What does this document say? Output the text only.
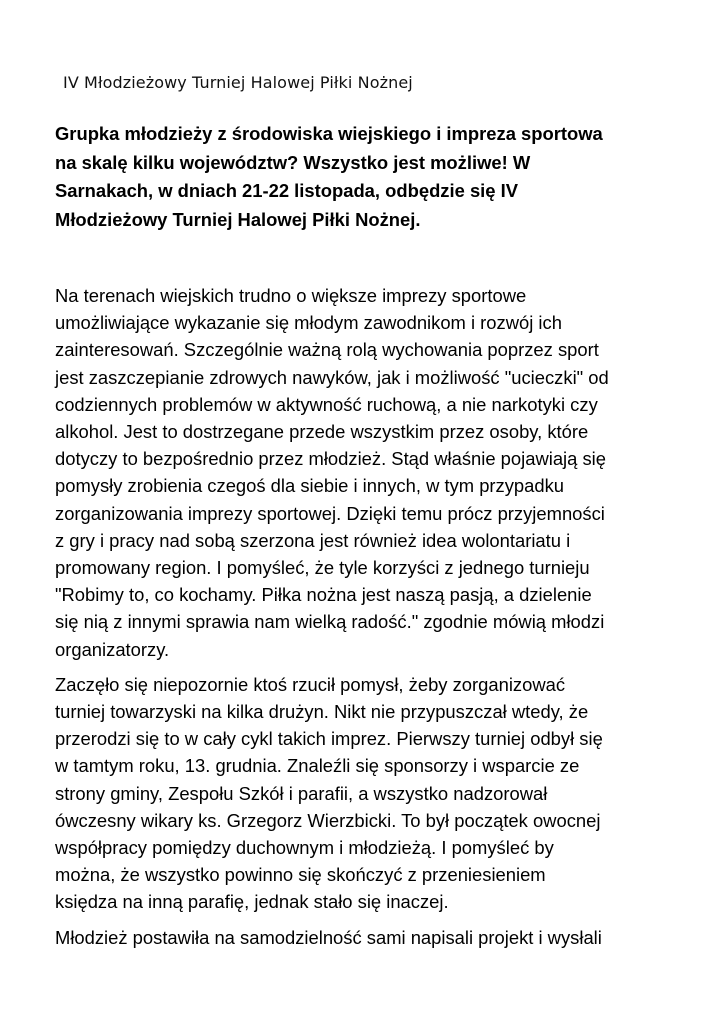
IV Młodzieżowy Turniej Halowej Piłki Nożnej
Grupka młodzieży z środowiska wiejskiego i impreza sportowa
na skalę kilku województw? Wszystko jest możliwe! W
Sarnakach, w dniach 21-22 listopada, odbędzie się IV
Młodzieżowy Turniej Halowej Piłki Nożnej.

Na terenach wiejskich trudno o większe imprezy sportowe
umożliwiające wykazanie się młodym zawodnikom i rozwój ich
zainteresowań. Szczególnie ważną rolą wychowania poprzez sport
jest zaszczepianie zdrowych nawyków, jak i możliwość "ucieczki" od
codziennych problemów w aktywność ruchową, a nie narkotyki czy
alkohol. Jest to dostrzegane przede wszystkim przez osoby, które
dotyczy to bezpośrednio przez młodzież. Stąd właśnie pojawiają się
pomysły zrobienia czegoś dla siebie i innych, w tym przypadku
zorganizowania imprezy sportowej. Dzięki temu prócz przyjemności
z gry i pracy nad sobą szerzona jest również idea wolontariatu i
promowany region. I pomyśleć, że tyle korzyści z jednego turnieju
"Robimy to, co kochamy. Piłka nożna jest naszą pasją, a dzielenie
się nią z innymi sprawia nam wielką radość." zgodnie mówią młodzi
organizatorzy.

Zaczęło się niepozornie ktoś rzucił pomysł, żeby zorganizować
turniej towarzyski na kilka drużyn. Nikt nie przypuszczał wtedy, że
przerodzi się to w cały cykl takich imprez. Pierwszy turniej odbył się
w tamtym roku, 13. grudnia. Znaleźli się sponsorzy i wsparcie ze
strony gminy, Zespołu Szkół i parafii, a wszystko nadzorował
ówczesny wikary ks. Grzegorz Wierzbicki. To był początek owocnej
współpracy pomiędzy duchownym i młodzieżą. I pomyśleć by
można, że wszystko powinno się skończyć z przeniesieniem
księdza na inną parafię, jednak stało się inaczej.

Młodzież postawiła na samodzielność sami napisali projekt i wysłali
